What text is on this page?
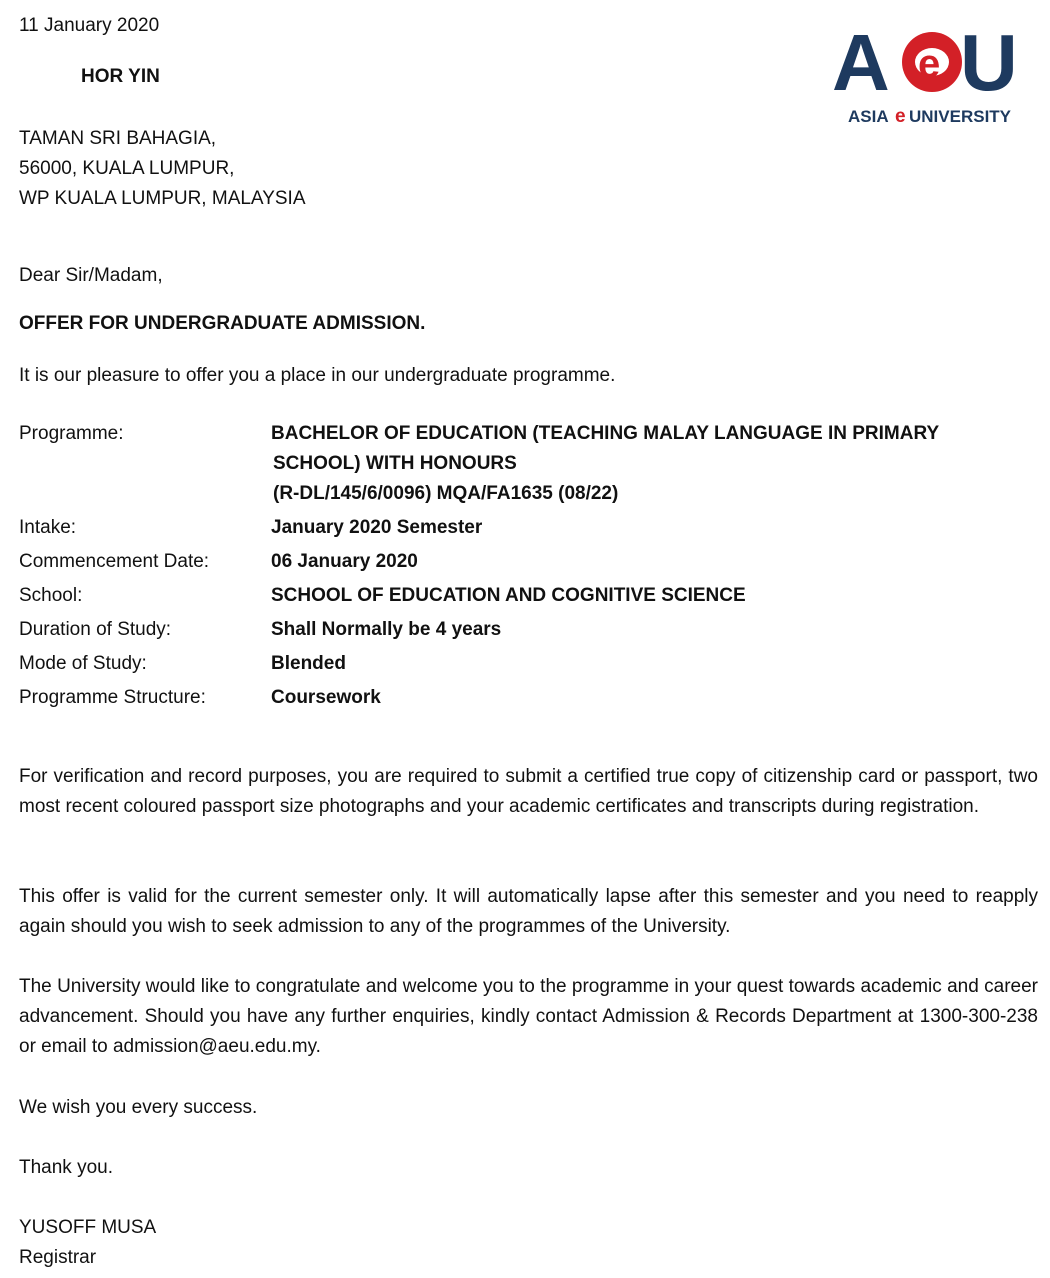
11 January 2020
HOR YIN	A e U
ASIA e UNIVERSITY
TAMAN SRI BAHAGIA,
56000, KUALA LUMPUR,
WP KUALA LUMPUR, MALAYSIA
Dear Sir/Madam,
OFFER FOR UNDERGRADUATE ADMISSION.
It is our pleasure to offer you a place in our undergraduate programme.
Programme:	BACHELOR OF EDUCATION (TEACHING MALAY LANGUAGE IN PRIMARY
SCHOOL) WITH HONOURS
(R-DL/145/6/0096) MQA/FA1635 (08/22)
Intake:	January 2020 Semester
Commencement Date:	06 January 2020
School:	SCHOOL OF EDUCATION AND COGNITIVE SCIENCE
Duration of Study:	Shall Normally be 4 years
Mode of Study:	Blended
Programme Structure:	Coursework
For verification and record purposes, you are required to submit a certified true copy of citizenship card or passport, two most recent coloured passport size photographs and your academic certificates and transcripts during registration.
This offer is valid for the current semester only. It will automatically lapse after this semester and you need to reapply again should you wish to seek admission to any of the programmes of the University.
The University would like to congratulate and welcome you to the programme in your quest towards academic and career advancement. Should you have any further enquiries, kindly contact Admission & Records Department at 1300-300-238 or email to admission@aeu.edu.my.
We wish you every success.
Thank you.
YUSOFF MUSA
Registrar
